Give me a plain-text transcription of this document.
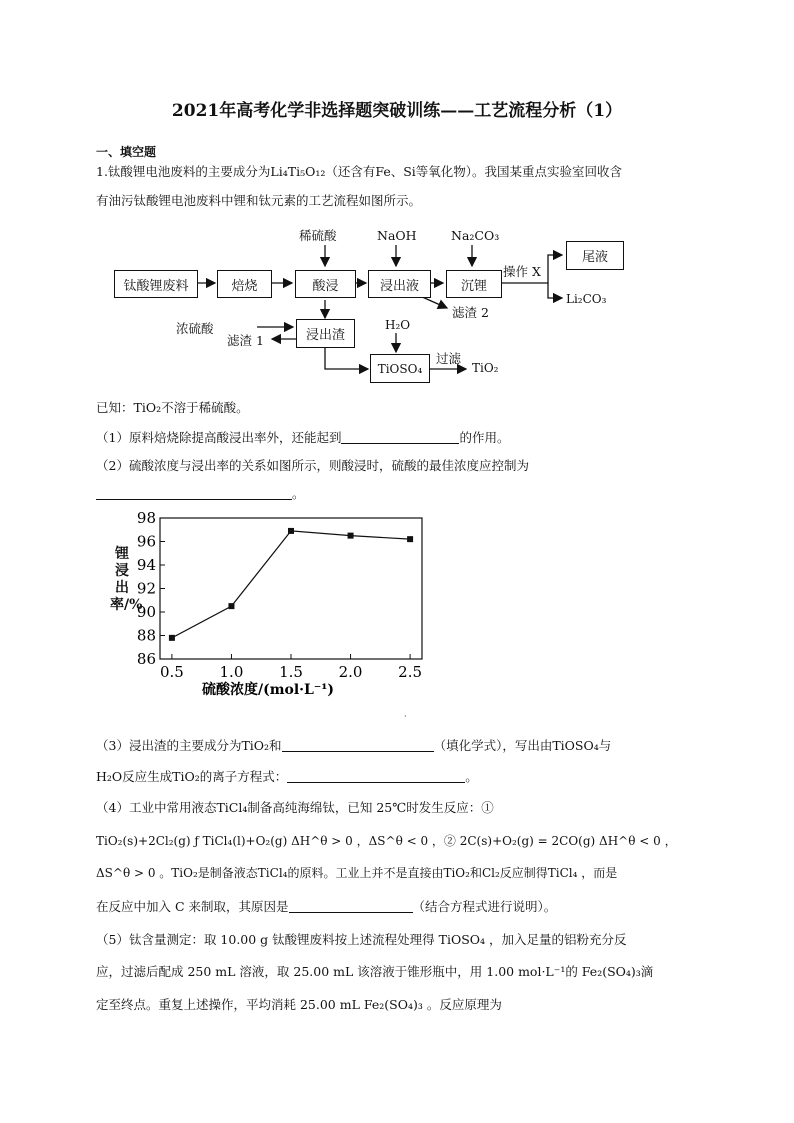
2021年高考化学非选择题突破训练——工艺流程分析（1）
一、填空题
1.钛酸锂电池废料的主要成分为Li₄Ti₅O₁₂（还含有Fe、Si等氧化物）。我国某重点实验室回收含
有油污钛酸锂电池废料中锂和钛元素的工艺流程如图所示。
钛酸锂废料	焙烧	酸浸	浸出液	沉锂
尾液
浸出渣
TiOSO₄
稀硫酸	NaOH	Na₂CO₃
操作 X
Li₂CO₃
滤渣 2
浓硫酸
滤渣 1
H₂O
过滤
TiO₂
已知：TiO₂不溶于稀硫酸。
（1）原料焙烧除提高酸浸出率外，还能起到	的作用。
（2）硫酸浓度与浸出率的关系如图所示，则酸浸时，硫酸的最佳浓度应控制为
。
86
88
90
92
94
96
98
0.5 1.0 1.5 2.0 2.5
硫酸浓度/(mol·L⁻¹)
锂浸出率/%
·
（3）浸出渣的主要成分为TiO₂和	（填化学式），写出由TiOSO₄与
H₂O反应生成TiO₂的离子方程式：	。
（4）工业中常用液态TiCl₄制备高纯海绵钛，已知 25℃时发生反应：①
TiO₂(s)+2Cl₂(g) ƒ TiCl₄(l)+O₂(g) ΔH^θ > 0 ，ΔS^θ < 0 ，② 2C(s)+O₂(g) = 2CO(g) ΔH^θ < 0 ，
ΔS^θ > 0 。TiO₂是制备液态TiCl₄的原料。工业上并不是直接由TiO₂和Cl₂反应制得TiCl₄ ，而是
在反应中加入 C 来制取，其原因是	（结合方程式进行说明）。
（5）钛含量测定：取 10.00 g 钛酸锂废料按上述流程处理得 TiOSO₄ ，加入足量的铝粉充分反
应，过滤后配成 250 mL 溶液，取 25.00 mL 该溶液于锥形瓶中，用 1.00 mol·L⁻¹的 Fe₂(SO₄)₃滴
定至终点。重复上述操作，平均消耗 25.00 mL Fe₂(SO₄)₃ 。反应原理为
